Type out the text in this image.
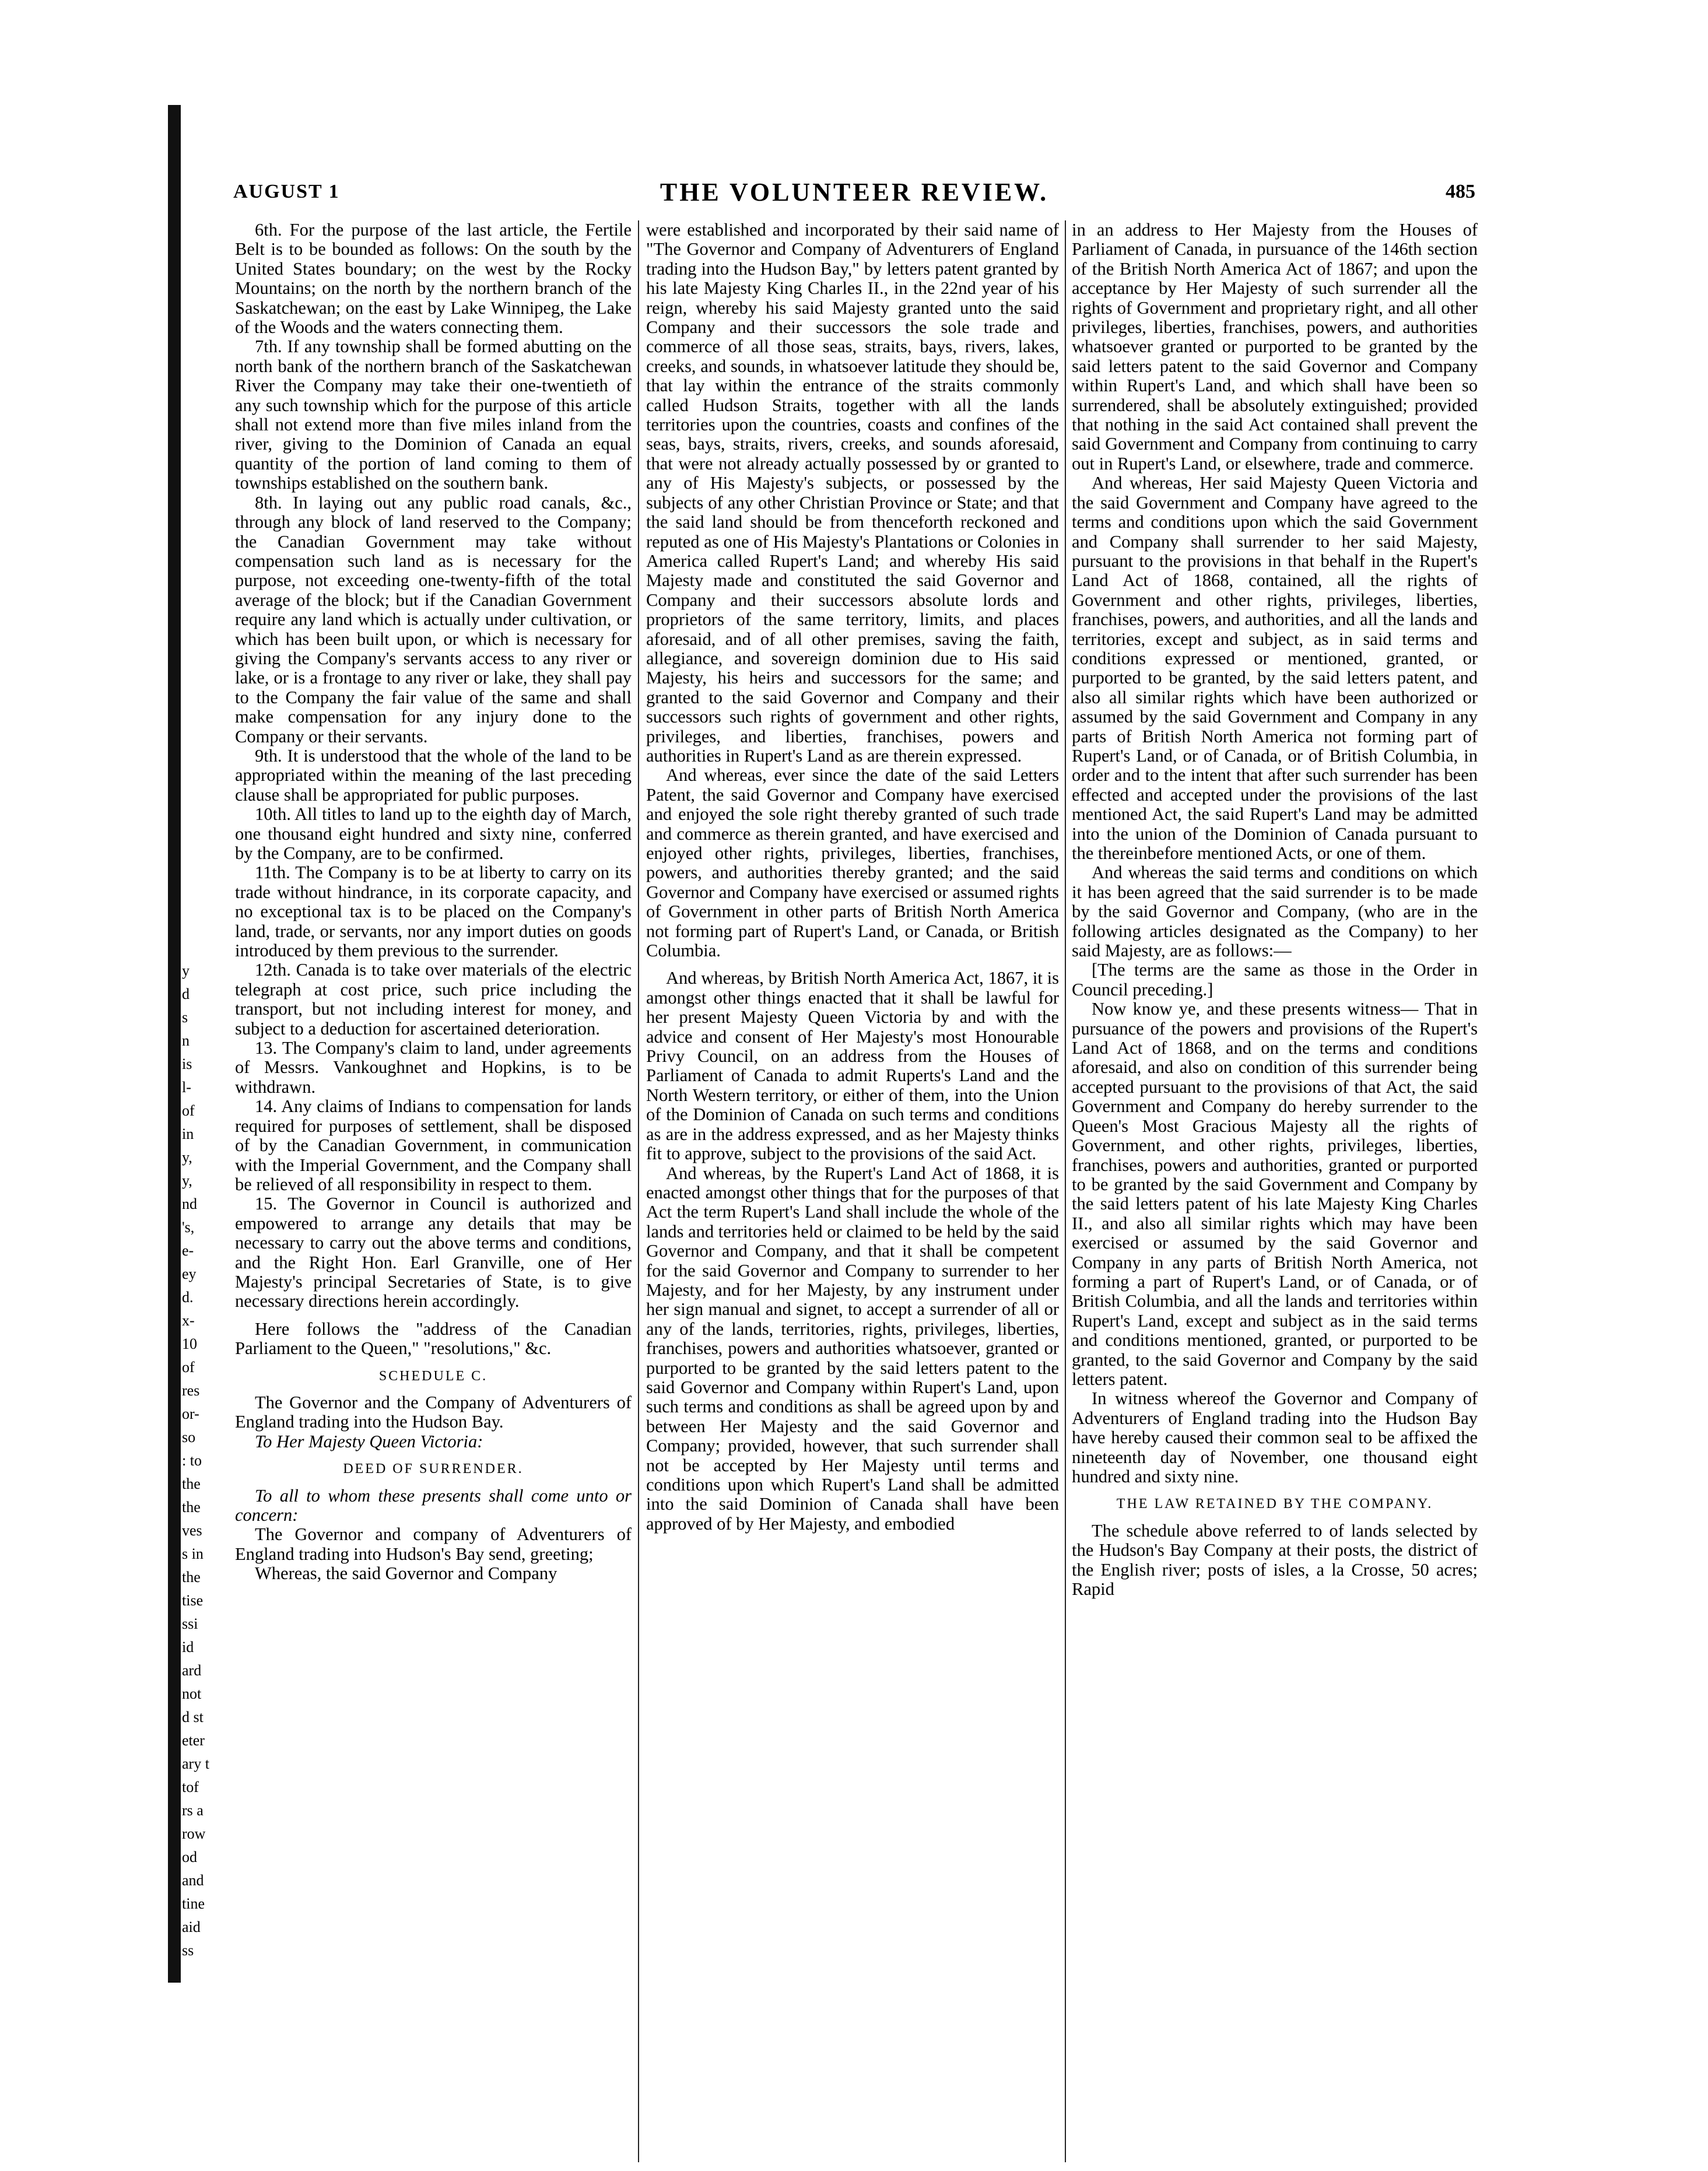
AUGUST 1	THE VOLUNTEER REVIEW.	485

6th. For the purpose of the last article, the Fertile Belt is to be bounded as follows: On the south by the United States boundary; on the west by the Rocky Mountains; on the north by the northern branch of the Saskatchewan; on the east by Lake Winnipeg, the Lake of the Woods and the waters connecting them.

7th. If any township shall be formed abutting on the north bank of the northern branch of the Saskatchewan River the Company may take their one-twentieth of any such township which for the purpose of this article shall not extend more than five miles inland from the river, giving to the Dominion of Canada an equal quantity of the portion of land coming to them of townships established on the southern bank.

8th. In laying out any public road canals, &c., through any block of land reserved to the Company; the Canadian Government may take without compensation such land as is necessary for the purpose, not exceeding one-twenty-fifth of the total average of the block; but if the Canadian Government require any land which is actually under cultivation, or which has been built upon, or which is necessary for giving the Company's servants access to any river or lake, or is a frontage to any river or lake, they shall pay to the Company the fair value of the same and shall make compensation for any injury done to the Company or their servants.

9th. It is understood that the whole of the land to be appropriated within the meaning of the last preceding clause shall be appropriated for public purposes.

10th. All titles to land up to the eighth day of March, one thousand eight hundred and sixty nine, conferred by the Company, are to be confirmed.

11th. The Company is to be at liberty to carry on its trade without hindrance, in its corporate capacity, and no exceptional tax is to be placed on the Company's land, trade, or servants, nor any import duties on goods introduced by them previous to the surrender.

12th. Canada is to take over materials of the electric telegraph at cost price, such price including the transport, but not including interest for money, and subject to a deduction for ascertained deterioration.

13. The Company's claim to land, under agreements of Messrs. Vankoughnet and Hopkins, is to be withdrawn.

14. Any claims of Indians to compensation for lands required for purposes of settlement, shall be disposed of by the Canadian Government, in communication with the Imperial Government, and the Company shall be relieved of all responsibility in respect to them.

15. The Governor in Council is authorized and empowered to arrange any details that may be necessary to carry out the above terms and conditions, and the Right Hon. Earl Granville, one of Her Majesty's principal Secretaries of State, is to give necessary directions herein accordingly.

Here follows the "address of the Canadian Parliament to the Queen," "resolutions," &c.

SCHEDULE C.

The Governor and the Company of Adventurers of England trading into the Hudson Bay.

To Her Majesty Queen Victoria:

DEED OF SURRENDER.

To all to whom these presents shall come unto or concern:

The Governor and company of Adventurers of England trading into Hudson's Bay send, greeting;

Whereas, the said Governor and Company

were established and incorporated by their said name of "The Governor and Company of Adventurers of England trading into the Hudson Bay," by letters patent granted by his late Majesty King Charles II., in the 22nd year of his reign, whereby his said Majesty granted unto the said Company and their successors the sole trade and commerce of all those seas, straits, bays, rivers, lakes, creeks, and sounds, in whatsoever latitude they should be, that lay within the entrance of the straits commonly called Hudson Straits, together with all the lands territories upon the countries, coasts and confines of the seas, bays, straits, rivers, creeks, and sounds aforesaid, that were not already actually possessed by or granted to any of His Majesty's subjects, or possessed by the subjects of any other Christian Province or State; and that the said land should be from thenceforth reckoned and reputed as one of His Majesty's Plantations or Colonies in America called Rupert's Land; and whereby His said Majesty made and constituted the said Governor and Company and their successors absolute lords and proprietors of the same territory, limits, and places aforesaid, and of all other premises, saving the faith, allegiance, and sovereign dominion due to His said Majesty, his heirs and successors for the same; and granted to the said Governor and Company and their successors such rights of government and other rights, privileges, and liberties, franchises, powers and authorities in Rupert's Land as are therein expressed.

And whereas, ever since the date of the said Letters Patent, the said Governor and Company have exercised and enjoyed the sole right thereby granted of such trade and commerce as therein granted, and have exercised and enjoyed other rights, privileges, liberties, franchises, powers, and authorities thereby granted; and the said Governor and Company have exercised or assumed rights of Government in other parts of British North America not forming part of Rupert's Land, or Canada, or British Columbia.

And whereas, by British North America Act, 1867, it is amongst other things enacted that it shall be lawful for her present Majesty Queen Victoria by and with the advice and consent of Her Majesty's most Honourable Privy Council, on an address from the Houses of Parliament of Canada to admit Ruperts's Land and the North Western territory, or either of them, into the Union of the Dominion of Canada on such terms and conditions as are in the address expressed, and as her Majesty thinks fit to approve, subject to the provisions of the said Act.

And whereas, by the Rupert's Land Act of 1868, it is enacted amongst other things that for the purposes of that Act the term Rupert's Land shall include the whole of the lands and territories held or claimed to be held by the said Governor and Company, and that it shall be competent for the said Governor and Company to surrender to her Majesty, and for her Majesty, by any instrument under her sign manual and signet, to accept a surrender of all or any of the lands, territories, rights, privileges, liberties, franchises, powers and authorities whatsoever, granted or purported to be granted by the said letters patent to the said Governor and Company within Rupert's Land, upon such terms and conditions as shall be agreed upon by and between Her Majesty and the said Governor and Company; provided, however, that such surrender shall not be accepted by Her Majesty until terms and conditions upon which Rupert's Land shall be admitted into the said Dominion of Canada shall have been approved of by Her Majesty, and embodied

in an address to Her Majesty from the Houses of Parliament of Canada, in pursuance of the 146th section of the British North America Act of 1867; and upon the acceptance by Her Majesty of such surrender all the rights of Government and proprietary right, and all other privileges, liberties, franchises, powers, and authorities whatsoever granted or purported to be granted by the said letters patent to the said Governor and Company within Rupert's Land, and which shall have been so surrendered, shall be absolutely extinguished; provided that nothing in the said Act contained shall prevent the said Government and Company from continuing to carry out in Rupert's Land, or elsewhere, trade and commerce.

And whereas, Her said Majesty Queen Victoria and the said Government and Company have agreed to the terms and conditions upon which the said Government and Company shall surrender to her said Majesty, pursuant to the provisions in that behalf in the Rupert's Land Act of 1868, contained, all the rights of Government and other rights, privileges, liberties, franchises, powers, and authorities, and all the lands and territories, except and subject, as in said terms and conditions expressed or mentioned, granted, or purported to be granted, by the said letters patent, and also all similar rights which have been authorized or assumed by the said Government and Company in any parts of British North America not forming part of Rupert's Land, or of Canada, or of British Columbia, in order and to the intent that after such surrender has been effected and accepted under the provisions of the last mentioned Act, the said Rupert's Land may be admitted into the union of the Dominion of Canada pursuant to the thereinbefore mentioned Acts, or one of them.

And whereas the said terms and conditions on which it has been agreed that the said surrender is to be made by the said Governor and Company, (who are in the following articles designated as the Company) to her said Majesty, are as follows:—

[The terms are the same as those in the Order in Council preceding.]

Now know ye, and these presents witness— That in pursuance of the powers and provisions of the Rupert's Land Act of 1868, and on the terms and conditions aforesaid, and also on condition of this surrender being accepted pursuant to the provisions of that Act, the said Government and Company do hereby surrender to the Queen's Most Gracious Majesty all the rights of Government, and other rights, privileges, liberties, franchises, powers and authorities, granted or purported to be granted by the said Government and Company by the said letters patent of his late Majesty King Charles II., and also all similar rights which may have been exercised or assumed by the said Governor and Company in any parts of British North America, not forming a part of Rupert's Land, or of Canada, or of British Columbia, and all the lands and territories within Rupert's Land, except and subject as in the said terms and conditions mentioned, granted, or purported to be granted, to the said Governor and Company by the said letters patent.

In witness whereof the Governor and Company of Adventurers of England trading into the Hudson Bay have hereby caused their common seal to be affixed the nineteenth day of November, one thousand eight hundred and sixty nine.

THE LAW RETAINED BY THE COMPANY.

The schedule above referred to of lands selected by the Hudson's Bay Company at their posts, the district of the English river; posts of isles, a la Crosse, 50 acres; Rapid

y
d
s
n
is
l-
of
in
y,
y,
nd
's,
e-
ey
d.
x-
10
of
res
or-
so
: to
the
the
ves
s in
the
tise
ssi
id
ard
not
d st
eter
ary t
tof
rs a
row
od
and
tine
aid
ss
